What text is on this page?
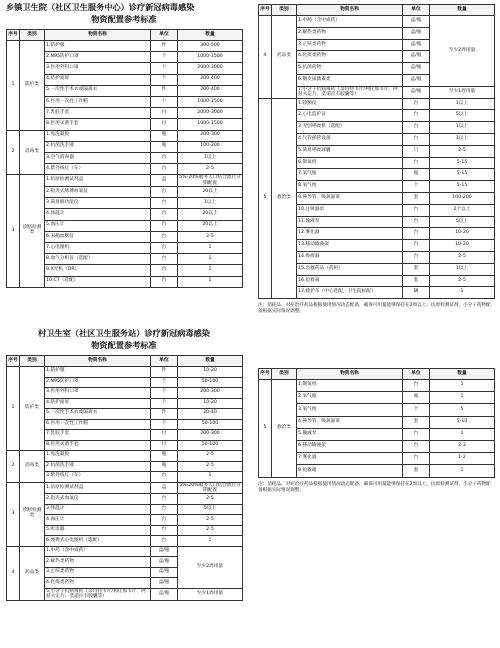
乡镇卫生院（社区卫生服务中心）诊疗新冠病毒感染
物资配置参考标准
序号	类别	物资名称	单位	数量
1	防护类	1.防护服	件	300-500
		2.N95防护口罩	个	1000-1500
		3.医用外科口罩	个	2000-3000
		4.防护面屏	个	200-400
		5.一次性手术衣或隔离衣	件	200-400
		6.医用一次性工作帽	个	1000-1500
		7.乳胶手套	付	2000-3000
		8.医用灭菌手套	付	1000-1500
2	消毒类	1.免洗凝胶	瓶	200-300
		2.抗菌洗手液	瓶	100-200
		3.空气消毒器	台	1以上
		4.紫外线灯（车）	台	2-5
3	诊断检测类	1.抗原检测试剂盒	盒	5%-20%服务人口结合流行分期配置
		2.指夹式脉搏血氧仪	台	20以上
		3.简易肺功能仪	台	1以上
		4.体温计	台	20以上
		5.血压计	台	20以上
		6.末梢血糖仪	台	2-5
		7.心电图机	台	1
		8.血气分析仪（选配）	台	1
		9.X光机（DR）	台	1
		10.CT（选配）	台	1
序号	类别	物资名称	单位	数量
4	药品类	1.中药（含中成药）	盒/瓶	至少2周用量
		2.解热类药物	盒/瓶	
		3.止咳类药物	盒/瓶	
		4.化痰类药物	盒/瓶	
		5.抗菌药物	盒/瓶	
		6.糖皮质激素类	盒/瓶	
		7.小分子抗病毒药（奈玛特韦片/利托那韦片、阿兹夫定片、莫诺拉韦胶囊等）	盒/瓶	至少1周用量
5	救治类	1.除颤仪	台	1以上
		2.心电监护仪	台	5以上
		3.无创呼吸机（选配）	台	1以上
		4.气管插管设备	台	1以上
		5.简易呼吸球囊	只	2-5
		6.制氧机	台	5-15
		7.氧气瓶	瓶	5-15
		8.氧气枕	个	5-15
		9.鼻导管、吸氧面罩	套	100-200
		10.注射器泵	台	2个以上
		11.输液泵	台	5以上
		12.雾化器	台	10-20
		13.移动输液架	台	10-20
		14.吸痰器	台	2-5
		15.急救药品（药柜）	套	1以上
		16.抢救箱	套	2-5
		17.救护车（中心选配，卫生院标配）	辆	1
注：消耗品、对症治疗药品根据使用情况动态配备，确保可用量能够保持在2周以上。抗原检测试剂、小分子药物配备根据实际情况调整。
村卫生室（社区卫生服务站）诊疗新冠病毒感染
物资配置参考标准
序号	类别	物资名称	单位	数量
1	防护类	1.防护服	件	10-20
		2.N95防护口罩	个	50-100
		3.医用外科口罩	个	200-300
		4.防护面屏	个	10-20
		5.一次性手术衣或隔离衣	件	20-40
		6.医用一次性工作帽	个	50-100
		7.乳胶手套	付	200-300
		8.医用灭菌手套	付	50-100
2	消毒类	1.免洗凝胶	瓶	2-5
		2.抗菌洗手液	瓶	2-5
		3.紫外线灯（车）	台	1
3	诊断检测类	1.抗原检测试剂盒	盒	5%-20%服务人口结合流行分期配置
		2.指夹式血氧仪	台	2-5
		3.体温计	台	5以上
		4.血压计	台	2-5
		5.听诊器	台	2-5
		6.便携式心电图机（选配）	台	1
4	药品类	1.中药（含中成药）	盒/瓶	至少2周用量
		2.解热类药物	盒/瓶	
		3.止咳类药物	盒/瓶	
		4.化痰类药物	盒/瓶	
		5.小分子抗病毒药（奈玛特韦片/利托那韦片、阿兹夫定片、莫诺拉韦胶囊等）	盒/瓶	至少1周用量
序号	类别	物资名称	单位	数量
5	救治类	1.制氧机	台	1
		2.氧气瓶	瓶	1
		3.氧气枕	个	5
		4.鼻导管、吸氧面罩	套	5-10
		5.输液泵	台	1
		6.移动输液架	台	2-3
		7.雾化器	台	1-2
		8.抢救箱	套	1
注：消耗品、对症治疗药品根据使用情况动态配备，确保可用量能够保持在2周以上。抗原检测试剂、小分子药物配备根据实际情况调整。
